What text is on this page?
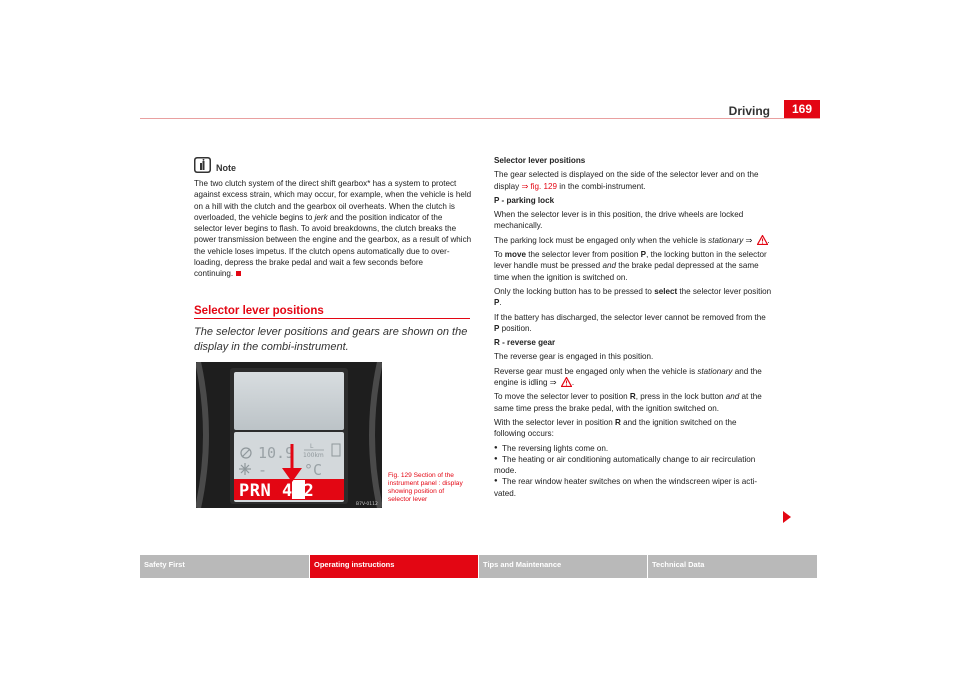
Driving	169
Note
The two clutch system of the direct shift gearbox* has a system to protect
against excess strain, which may occur, for example, when the vehicle is held
on a hill with the clutch and the gearbox oil overheats. When the clutch is
overloaded, the vehicle begins to jerk and the position indicator of the
selector lever begins to flash. To avoid breakdowns, the clutch breaks the
power transmission between the engine and the gearbox, as a result of which
the vehicle loses impetus. If the clutch opens automatically due to over-
loading, depress the brake pedal and wait a few seconds before
continuing.
Selector lever positions
The selector lever positions and gears are shown on the
display in the combi-instrument.
10.9	L
100km
- °C
PRND432
B7V-0112
Fig. 129 Section of the
instrument panel : display
showing position of
selector lever

Selector lever positions

The gear selected is displayed on the side of the selector lever and on the
display ⇒ fig. 129 in the combi-instrument.

P - parking lock

When the selector lever is in this position, the drive wheels are locked
mechanically.

The parking lock must be engaged only when the vehicle is stationary ⇒ .

To move the selector lever from position P, the locking button in the selector
lever handle must be pressed and the brake pedal depressed at the same
time when the ignition is switched on.

Only the locking button has to be pressed to select the selector lever position
P.

If the battery has discharged, the selector lever cannot be removed from the
P position.

R - reverse gear

The reverse gear is engaged in this position.

Reverse gear must be engaged only when the vehicle is stationary and the
engine is idling ⇒ .

To move the selector lever to position R, press in the lock button and at the
same time press the brake pedal, with the ignition switched on.

With the selector lever in position R and the ignition switched on the
following occurs:

● The reversing lights come on.
● The heating or air conditioning automatically change to air recirculation
mode.
● The rear window heater switches on when the windscreen wiper is acti-
vated.
Safety First	Operating instructions	Tips and Maintenance	Technical Data
